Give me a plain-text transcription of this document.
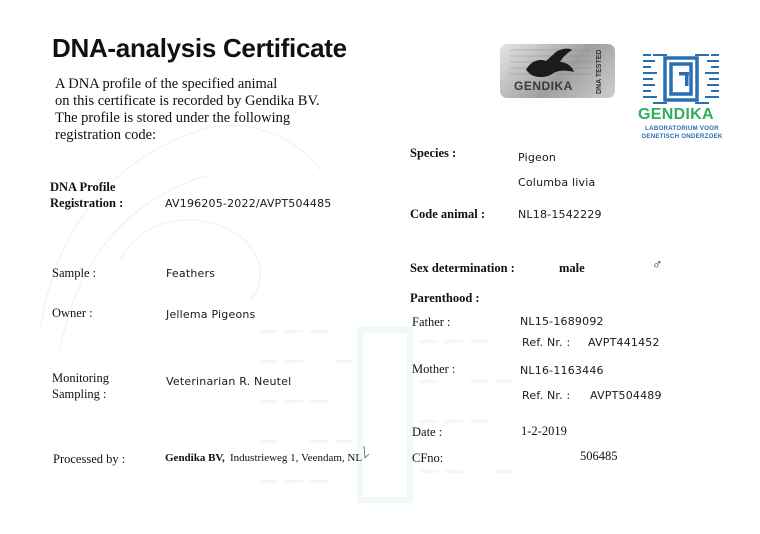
DNA-analysis Certificate
A DNA profile of the specified animal
on this certificate is recorded by Gendika BV.
The profile is stored under the following
registration code:
GENDIKA	DNA TESTED
GENDIKA
LABORATORIUM VOOR
GENETISCH ONDERZOEK
DNA Profile
Registration :	AV196205-2022/AVPT504485
Sample :	Feathers
Owner :	Jellema Pigeons
Monitoring
Sampling :
Veterinarian R. Neutel
Processed by :	Gendika BV, Industrieweg 1, Veendam, NL
Species :	Pigeon
Columba livia
Code animal :	NL18-1542229
Sex determination :	male	♂
Parenthood :
Father :	NL15-1689092
Ref. Nr. : AVPT441452
Mother :	NL16-1163446
Ref. Nr. : AVPT504489
Date :	1-2-2019
CFno:	506485
